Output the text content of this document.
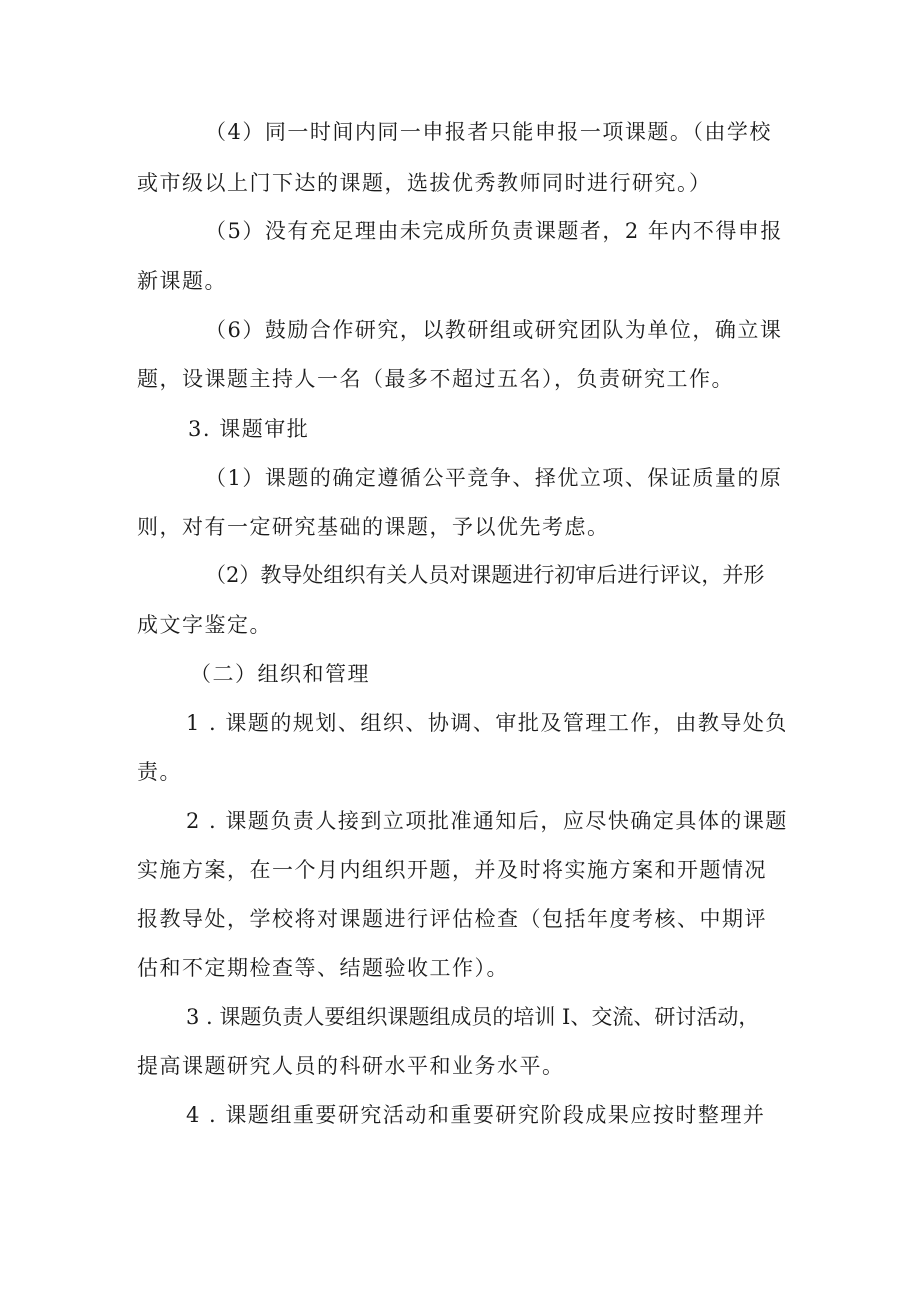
（4）同一时间内同一申报者只能申报一项课题。（由学校
或市级以上门下达的课题，选拔优秀教师同时进行研究。）
（5）没有充足理由未完成所负责课题者，2 年内不得申报
新课题。
（6）鼓励合作研究，以教研组或研究团队为单位，确立课
题，设课题主持人一名（最多不超过五名），负责研究工作。
3. 课题审批
（1）课题的确定遵循公平竞争、择优立项、保证质量的原
则，对有一定研究基础的课题，予以优先考虑。
（2）教导处组织有关人员对课题进行初审后进行评议，并形
成文字鉴定。
（二）组织和管理
1 . 课题的规划、组织、协调、审批及管理工作，由教导处负
责。
2 . 课题负责人接到立项批准通知后，应尽快确定具体的课题
实施方案，在一个月内组织开题，并及时将实施方案和开题情况
报教导处，学校将对课题进行评估检查（包括年度考核、中期评
估和不定期检查等、结题验收工作）。
3 . 课题负责人要组织课题组成员的培训 I、交流、研讨活动，
提高课题研究人员的科研水平和业务水平。
4 . 课题组重要研究活动和重要研究阶段成果应按时整理并
